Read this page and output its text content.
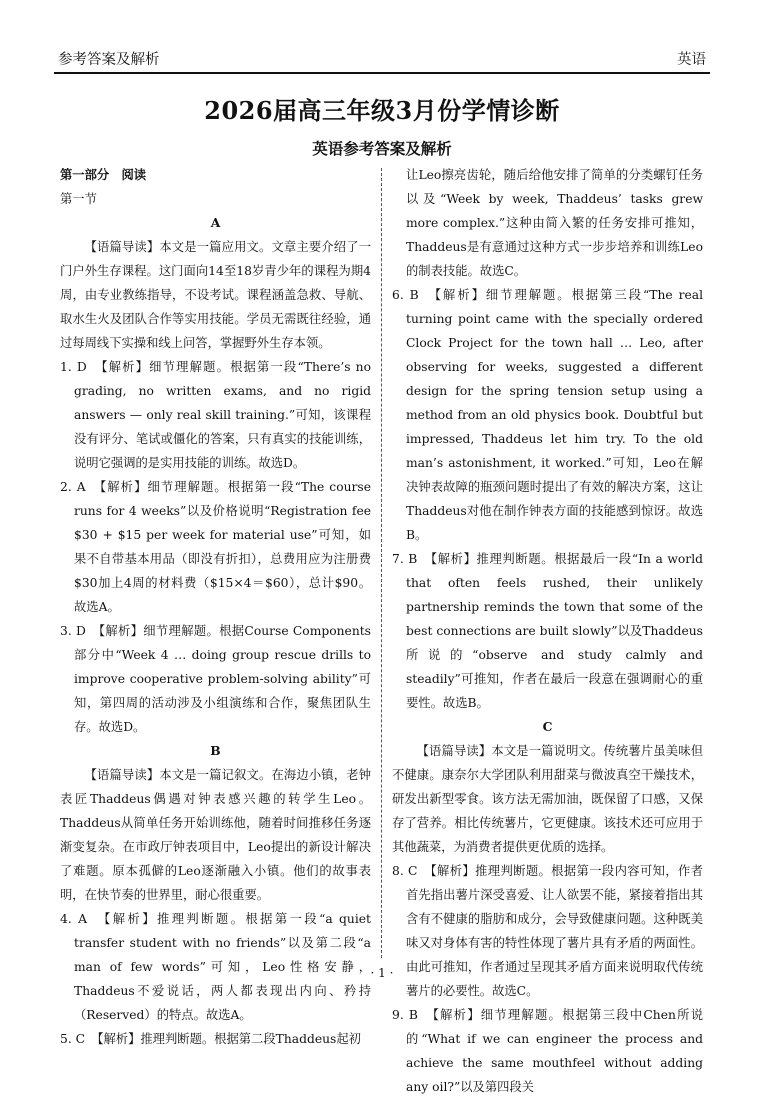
参考答案及解析	英语
2026届高三年级3月份学情诊断
英语参考答案及解析

第一部分　阅读

第一节

A

【语篇导读】本文是一篇应用文。文章主要介绍了一门户外生存课程。这门面向14至18岁青少年的课程为期4周，由专业教练指导，不设考试。课程涵盖急救、导航、取水生火及团队合作等实用技能。学员无需既往经验，通过每周线下实操和线上问答，掌握野外生存本领。

1. D　【解析】细节理解题。根据第一段“There’s no grading, no written exams, and no rigid answers — only real skill training.”可知，该课程没有评分、笔试或僵化的答案，只有真实的技能训练，说明它强调的是实用技能的训练。故选D。

2. A　【解析】细节理解题。根据第一段“The course runs for 4 weeks”以及价格说明“Registration fee $30 + $15 per week for material use”可知，如果不自带基本用品（即没有折扣），总费用应为注册费$30加上4周的材料费（$15×4＝$60），总计$90。故选A。

3. D　【解析】细节理解题。根据Course Components部分中“Week 4 … doing group rescue drills to improve cooperative problem-solving ability”可知，第四周的活动涉及小组演练和合作，聚焦团队生存。故选D。

B

【语篇导读】本文是一篇记叙文。在海边小镇，老钟表匠Thaddeus偶遇对钟表感兴趣的转学生Leo。Thaddeus从简单任务开始训练他，随着时间推移任务逐渐变复杂。在市政厅钟表项目中，Leo提出的新设计解决了难题。原本孤僻的Leo逐渐融入小镇。他们的故事表明，在快节奏的世界里，耐心很重要。

4. A　【解析】推理判断题。根据第一段“a quiet transfer student with no friends”以及第二段“a man of few words”可知，Leo性格安静，Thaddeus不爱说话，两人都表现出内向、矜持（Reserved）的特点。故选A。

5. C　【解析】推理判断题。根据第二段Thaddeus起初

让Leo擦亮齿轮，随后给他安排了简单的分类螺钉任务以及“Week by week, Thaddeus’ tasks grew more complex.”这种由简入繁的任务安排可推知，Thaddeus是有意通过这种方式一步步培养和训练Leo的制表技能。故选C。

6. B　【解析】细节理解题。根据第三段“The real turning point came with the specially ordered Clock Project for the town hall … Leo, after observing for weeks, suggested a different design for the spring tension setup using a method from an old physics book. Doubtful but impressed, Thaddeus let him try. To the old man’s astonishment, it worked.”可知，Leo在解决钟表故障的瓶颈问题时提出了有效的解决方案，这让Thaddeus对他在制作钟表方面的技能感到惊讶。故选B。

7. B　【解析】推理判断题。根据最后一段“In a world that often feels rushed, their unlikely partnership reminds the town that some of the best connections are built slowly”以及Thaddeus所说的“observe and study calmly and steadily”可推知，作者在最后一段意在强调耐心的重要性。故选B。

C

【语篇导读】本文是一篇说明文。传统薯片虽美味但不健康。康奈尔大学团队利用甜菜与微波真空干燥技术，研发出新型零食。该方法无需加油，既保留了口感，又保存了营养。相比传统薯片，它更健康。该技术还可应用于其他蔬菜，为消费者提供更优质的选择。

8. C　【解析】推理判断题。根据第一段内容可知，作者首先指出薯片深受喜爱、让人欲罢不能，紧接着指出其含有不健康的脂肪和成分，会导致健康问题。这种既美味又对身体有害的特性体现了薯片具有矛盾的两面性。由此可推知，作者通过呈现其矛盾方面来说明取代传统薯片的必要性。故选C。

9. B　【解析】细节理解题。根据第三段中Chen所说的“What if we can engineer the process and achieve the same mouthfeel without adding any oil?”以及第四段关

· 1 ·
